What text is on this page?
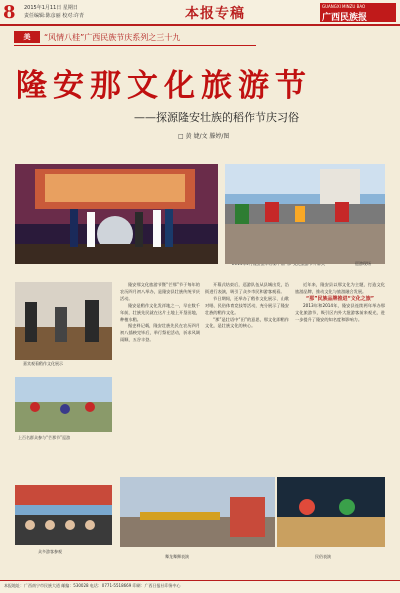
8	2015年1月11日 星期日
责任编辑:陈彦丽 校对:许青	本报专稿	GUANGXI MINZU BAO
广西民族报
美	“风情八桂”广西民族节庆系列之三十九
隆安那文化旅游节
——探源隆安壮族的稻作节庆习俗
□ 黄 婕/文 滕婷/图
巡游现场
嘉宾观看稻作文化展示
上百名群众参与“芒那节”巡游
众多游客参观
舞龙舞狮表演	民俗表演

隆安那文化旅游节暨“芒那”节于每年的农历四月初八举办，是隆安县壮族传统节庆活动。

隆安是稻作文化发祥地之一，早在数千年前，壮族先民就在这片土地上开垦田地，种植水稻。

据史料记载，隆安壮族先民在农历四月初八插秧完毕后，举行祭祀活动，祈求风调雨顺、五谷丰登。

开幕式结束后，巡游队伍从县城出发，沿街进行表演，吸引了众多市民和游客观看。

节日期间，还举办了稻作文化展示、山歌对唱、民俗体育竞技等活动，充分展示了隆安壮族的稻作文化。

“那”是壮语中“田”的意思，那文化即稻作文化，是壮族文化的核心。

近年来，隆安县以那文化为主题，打造文化旅游品牌，推动文化与旅游融合发展。

“那”民族品牌推进“文化之旅”

2013年和2014年，隆安县连续两年举办那文化旅游节，吸引区内外大批游客前来观光，进一步提升了隆安的知名度和影响力。

本报地址：广西南宁市民族大道 邮编：530028 电话：0771-5518669 印刷：广西日报社印务中心
